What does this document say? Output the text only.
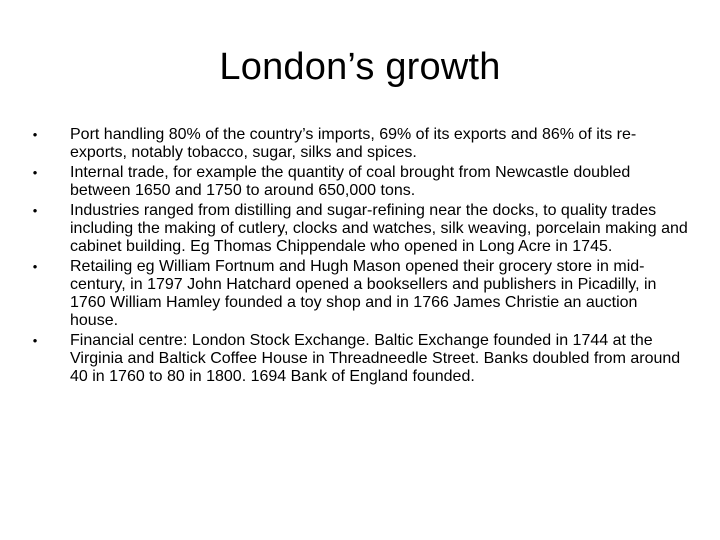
London’s growth
• Port handling 80% of the country’s imports, 69% of its exports and 86% of its re-exports, notably tobacco, sugar, silks and spices.
• Internal trade, for example the quantity of coal brought from Newcastle doubled between 1650 and 1750 to around 650,000 tons.
• Industries ranged from distilling and sugar-refining near the docks, to quality trades including the making of cutlery, clocks and watches, silk weaving, porcelain making and cabinet building. Eg Thomas Chippendale who opened in Long Acre in 1745.
• Retailing eg William Fortnum and Hugh Mason opened their grocery store in mid-century, in 1797 John Hatchard opened a booksellers and publishers in Picadilly, in 1760 William Hamley founded a toy shop and in 1766 James Christie an auction house.
• Financial centre: London Stock Exchange. Baltic Exchange founded in 1744 at the Virginia and Baltick Coffee House in Threadneedle Street. Banks doubled from around 40 in 1760 to 80 in 1800. 1694 Bank of England founded.
